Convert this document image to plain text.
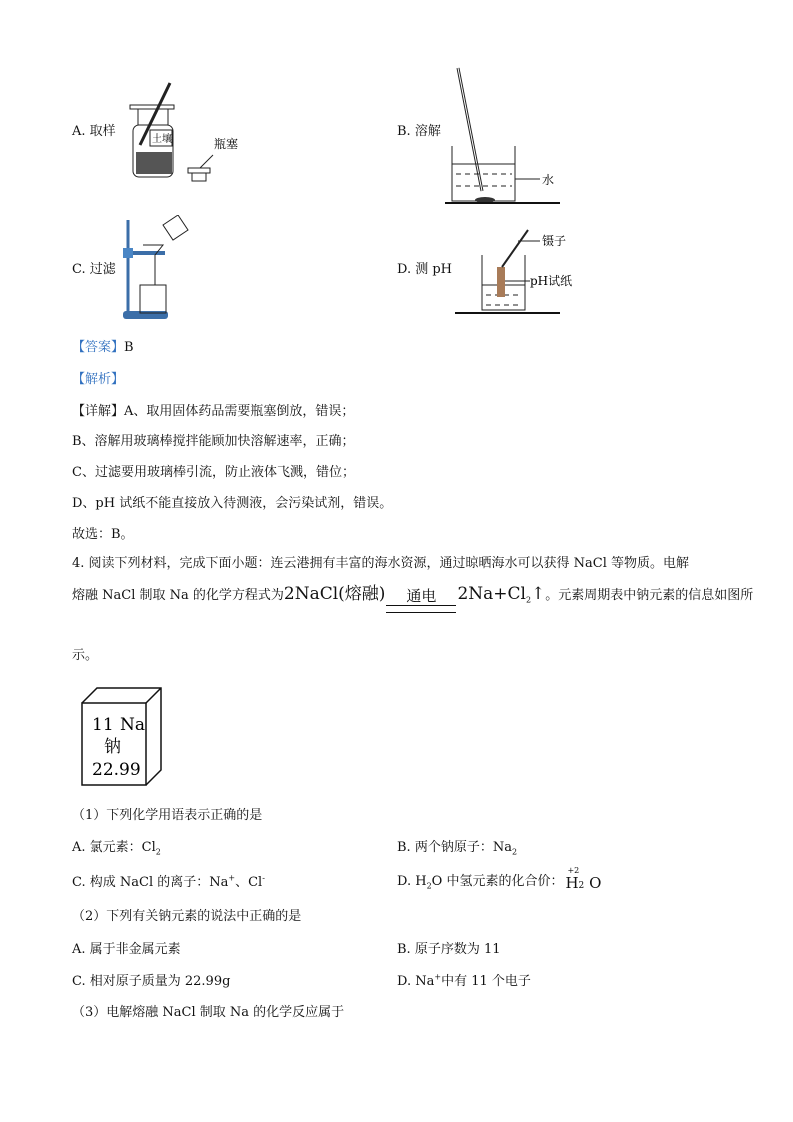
A. 取样
土壤	瓶塞
B. 溶解
水
C. 过滤	D. 测 pH
镊子
pH试纸
【答案】B
【解析】
【详解】A、取用固体药品需要瓶塞倒放，错误；
B、溶解用玻璃棒搅拌能顾加快溶解速率，正确；
C、过滤要用玻璃棒引流，防止液体飞溅，错位；
D、pH 试纸不能直接放入待测液，会污染试剂，错误。
故选：B。
4. 阅读下列材料，完成下面小题：连云港拥有丰富的海水资源，通过晾晒海水可以获得 NaCl 等物质。电解
熔融 NaCl 制取 Na 的化学方程式为2NaCl(熔融) 通电 $2Na+Cl_2↑$。元素周期表中钠元素的信息如图所
示。
11 Na
钠
22.99
（1）下列化学用语表示正确的是
A. 氯元素：$Cl_2$	B. 两个钠原子：$Na_2$
C. 构成 NaCl 的离子：Na+、Cl-	D. $H_2O$ 中氢元素的化合价：
+2
H2 O
（2）下列有关钠元素的说法中正确的是
A. 属于非金属元素	B. 原子序数为 11
C. 相对原子质量为 22.99g	D. Na+中有 11 个电子
（3）电解熔融 NaCl 制取 Na 的化学反应属于
